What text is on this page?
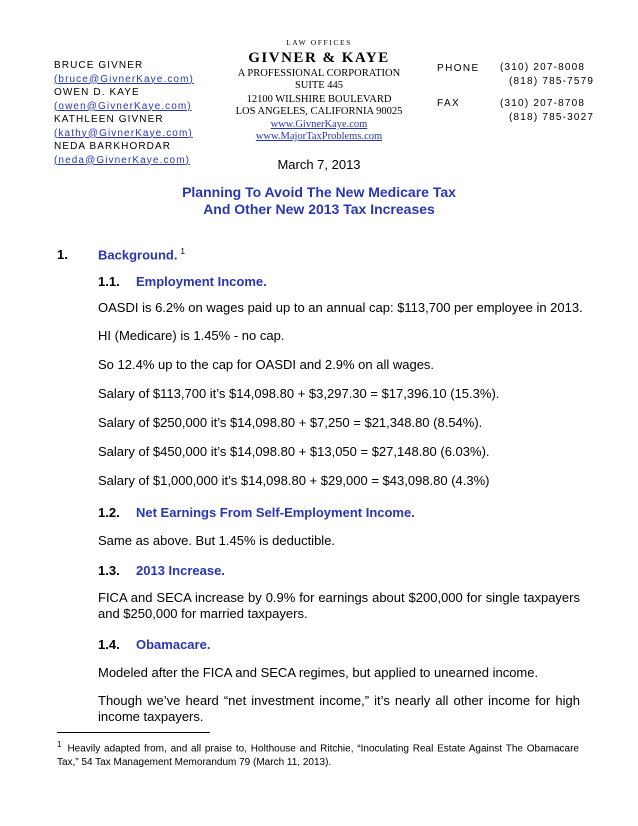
BRUCE GIVNER
(bruce@GivnerKaye.com)
OWEN D. KAYE
(owen@GivnerKaye.com)
KATHLEEN GIVNER
(kathy@GivnerKaye.com)
NEDA BARKHORDAR
(neda@GivnerKaye.com)
LAW OFFICES
GIVNER & KAYE
A PROFESSIONAL CORPORATION
SUITE 445
12100 WILSHIRE BOULEVARD
LOS ANGELES, CALIFORNIA 90025
www.GivnerKaye.com
www.MajorTaxProblems.com
PHONE (310) 207-8008
(818) 785-7579
FAX	(310) 207-8708
(818) 785-3027
March 7, 2013
Planning To Avoid The New Medicare Tax
And Other New 2013 Tax Increases
1. Background. $^1$
1.1. Employment Income.
OASDI is 6.2% on wages paid up to an annual cap: $113,700 per employee in 2013.
HI (Medicare) is 1.45% - no cap.
So 12.4% up to the cap for OASDI and 2.9% on all wages.
Salary of $113,700 it’s $14,098.80 + $3,297.30 = $17,396.10 (15.3%).
Salary of $250,000 it’s $14,098.80 + $7,250 = $21,348.80 (8.54%).
Salary of $450,000 it’s $14,098.80 + $13,050 = $27,148.80 (6.03%).
Salary of $1,000,000 it’s $14,098.80 + $29,000 = $43,098.80 (4.3%)
1.2. Net Earnings From Self-Employment Income.
Same as above. But 1.45% is deductible.
1.3. 2013 Increase.
FICA and SECA increase by 0.9% for earnings about $200,000 for single taxpayers and $250,000 for married taxpayers.
1.4. Obamacare.
Modeled after the FICA and SECA regimes, but applied to unearned income.
Though we’ve heard “net investment income,” it’s nearly all other income for high income taxpayers.
$^1$ Heavily adapted from, and all praise to, Holthouse and Ritchie, “Inoculating Real Estate Against The Obamacare Tax,” 54 Tax Management Memorandum 79 (March 11, 2013).
